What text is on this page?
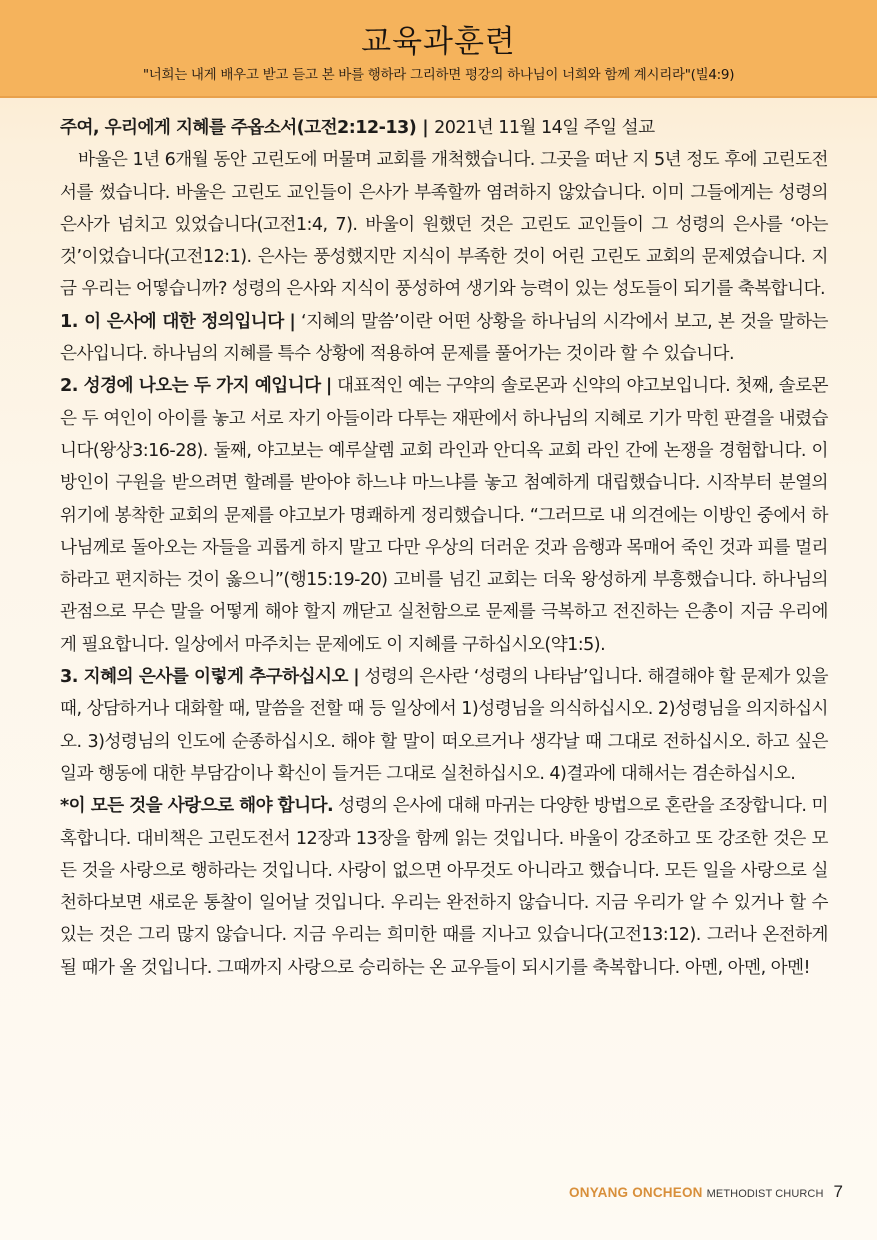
교육과훈련
"너희는 내게 배우고 받고 듣고 본 바를 행하라 그리하면 평강의 하나님이 너희와 함께 계시리라"(빌4:9)

주여, 우리에게 지혜를 주옵소서(고전2:12-13) | 2021년 11월 14일 주일 설교

바울은 1년 6개월 동안 고린도에 머물며 교회를 개척했습니다. 그곳을 떠난 지 5년 정도 후에 고린도전서를 썼습니다. 바울은 고린도 교인들이 은사가 부족할까 염려하지 않았습니다. 이미 그들에게는 성령의 은사가 넘치고 있었습니다(고전1:4, 7). 바울이 원했던 것은 고린도 교인들이 그 성령의 은사를 ‘아는 것’이었습니다(고전12:1). 은사는 풍성했지만 지식이 부족한 것이 어린 고린도 교회의 문제였습니다. 지금 우리는 어떻습니까? 성령의 은사와 지식이 풍성하여 생기와 능력이 있는 성도들이 되기를 축복합니다.

1. 이 은사에 대한 정의입니다 | ‘지혜의 말씀’이란 어떤 상황을 하나님의 시각에서 보고, 본 것을 말하는 은사입니다. 하나님의 지혜를 특수 상황에 적용하여 문제를 풀어가는 것이라 할 수 있습니다.

2. 성경에 나오는 두 가지 예입니다 | 대표적인 예는 구약의 솔로몬과 신약의 야고보입니다. 첫째, 솔로몬은 두 여인이 아이를 놓고 서로 자기 아들이라 다투는 재판에서 하나님의 지혜로 기가 막힌 판결을 내렸습니다(왕상3:16-28). 둘째, 야고보는 예루살렘 교회 라인과 안디옥 교회 라인 간에 논쟁을 경험합니다. 이방인이 구원을 받으려면 할례를 받아야 하느냐 마느냐를 놓고 첨예하게 대립했습니다. 시작부터 분열의 위기에 봉착한 교회의 문제를 야고보가 명쾌하게 정리했습니다. “그러므로 내 의견에는 이방인 중에서 하나님께로 돌아오는 자들을 괴롭게 하지 말고 다만 우상의 더러운 것과 음행과 목매어 죽인 것과 피를 멀리하라고 편지하는 것이 옳으니”(행15:19-20) 고비를 넘긴 교회는 더욱 왕성하게 부흥했습니다. 하나님의 관점으로 무슨 말을 어떻게 해야 할지 깨닫고 실천함으로 문제를 극복하고 전진하는 은총이 지금 우리에게 필요합니다. 일상에서 마주치는 문제에도 이 지혜를 구하십시오(약1:5).

3. 지혜의 은사를 이렇게 추구하십시오 | 성령의 은사란 ‘성령의 나타남’입니다. 해결해야 할 문제가 있을 때, 상담하거나 대화할 때, 말씀을 전할 때 등 일상에서 1)성령님을 의식하십시오. 2)성령님을 의지하십시오. 3)성령님의 인도에 순종하십시오. 해야 할 말이 떠오르거나 생각날 때 그대로 전하십시오. 하고 싶은 일과 행동에 대한 부담감이나 확신이 들거든 그대로 실천하십시오. 4)결과에 대해서는 겸손하십시오.

*이 모든 것을 사랑으로 해야 합니다. 성령의 은사에 대해 마귀는 다양한 방법으로 혼란을 조장합니다. 미혹합니다. 대비책은 고린도전서 12장과 13장을 함께 읽는 것입니다. 바울이 강조하고 또 강조한 것은 모든 것을 사랑으로 행하라는 것입니다. 사랑이 없으면 아무것도 아니라고 했습니다. 모든 일을 사랑으로 실천하다보면 새로운 통찰이 일어날 것입니다. 우리는 완전하지 않습니다. 지금 우리가 알 수 있거나 할 수 있는 것은 그리 많지 않습니다. 지금 우리는 희미한 때를 지나고 있습니다(고전13:12). 그러나 온전하게 될 때가 올 것입니다. 그때까지 사랑으로 승리하는 온 교우들이 되시기를 축복합니다. 아멘, 아멘, 아멘!

ONYANG ONCHEON METHODIST CHURCH 7
